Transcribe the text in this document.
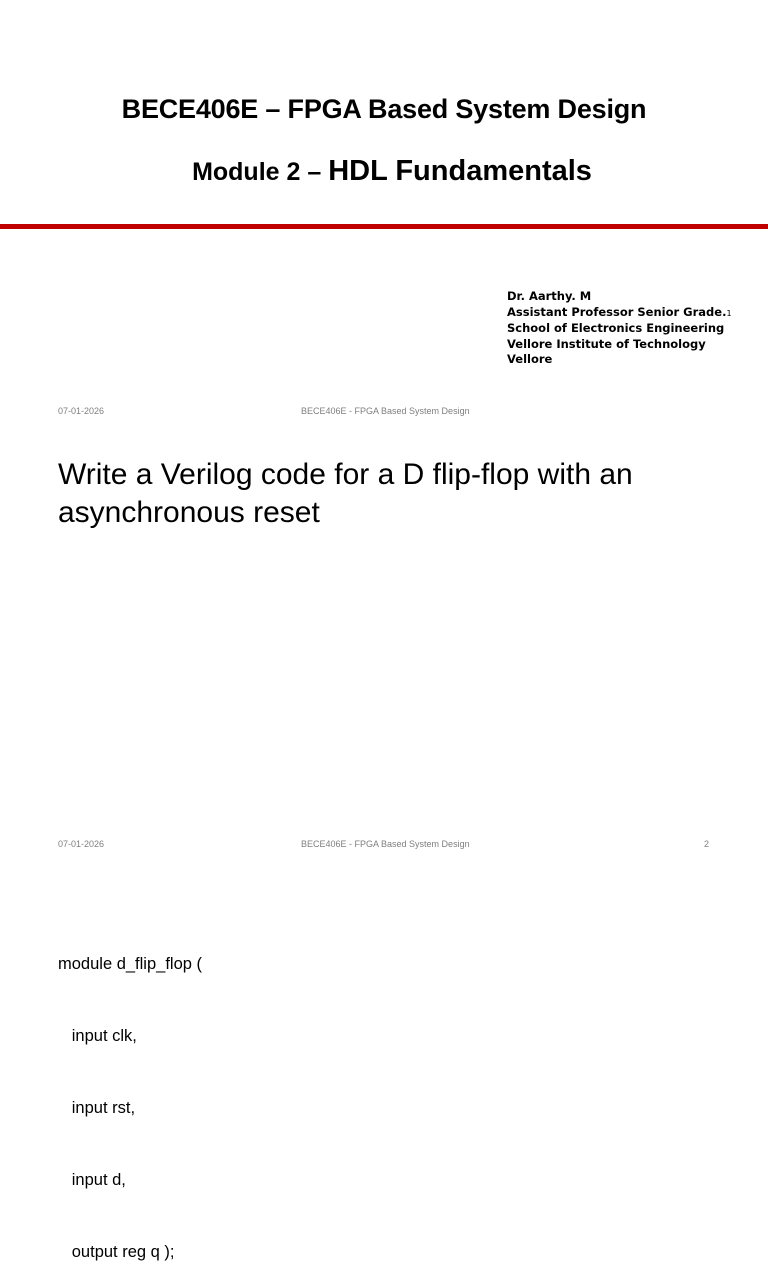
BECE406E – FPGA Based System Design
Module 2 – HDL Fundamentals
Dr. Aarthy. M
Assistant Professor Senior Grade.1
School of Electronics Engineering
Vellore Institute of Technology
Vellore
07-01-2026	BECE406E - FPGA Based System Design
Write a Verilog code for a D flip-flop with an asynchronous reset
07-01-2026	BECE406E - FPGA Based System Design	2

module d_flip_flop (

input clk,

input rst,

input d,

output reg q );
